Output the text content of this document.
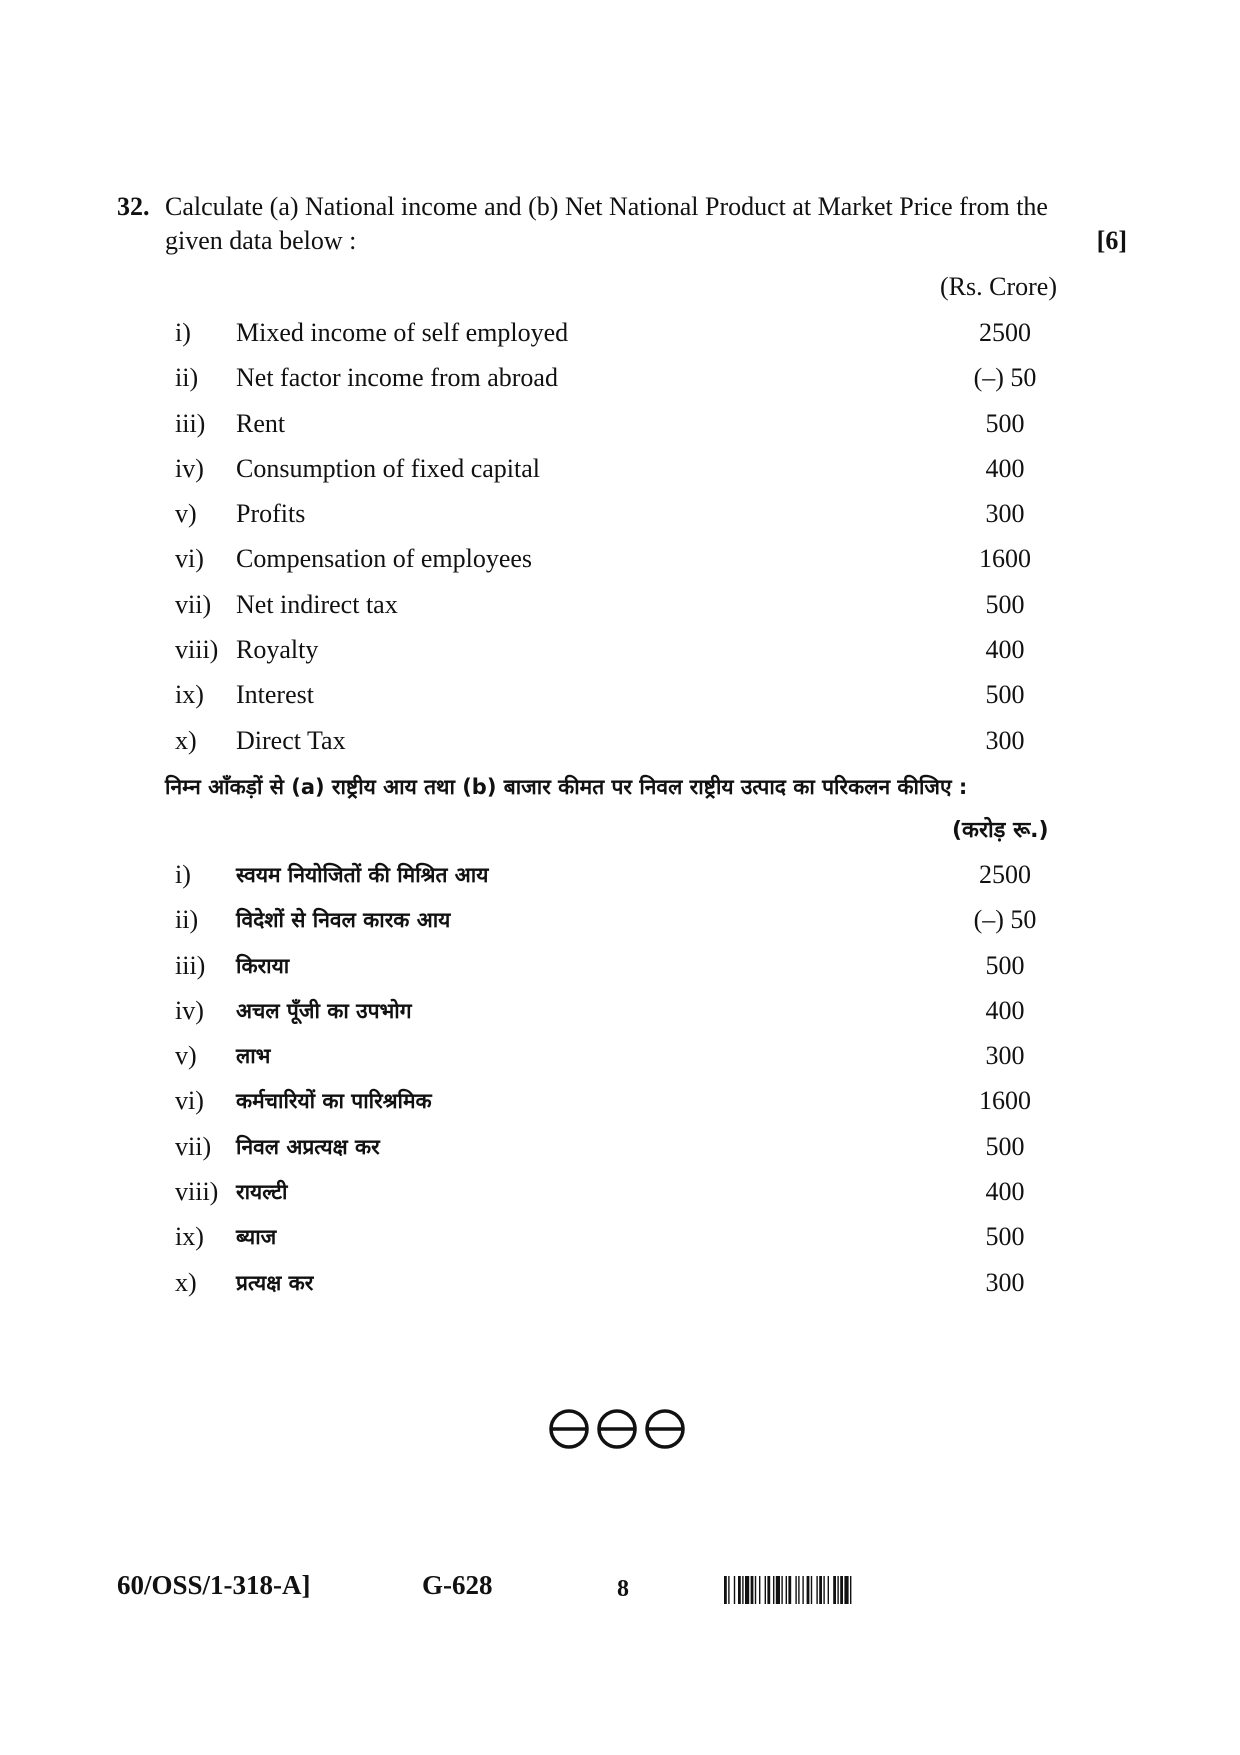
32. Calculate (a) National income and (b) Net National Product at Market Price from the
given data below :	[6]
(Rs. Crore)
i)	Mixed income of self employed	2500
ii)	Net factor income from abroad	(–) 50
iii)	Rent	500
iv)	Consumption of fixed capital	400
v)	Profits	300
vi)	Compensation of employees	1600
vii) Net indirect tax	500
viii) Royalty	400
ix)	Interest	500
x)	Direct Tax	300
निम्न आँकड़ों से (a) राष्ट्रीय आय तथा (b) बाजार कीमत पर निवल राष्ट्रीय उत्पाद का परिकलन कीजिए :
(करोड़ रू.)
i)	स्वयम नियोजितों की मिश्रित आय	2500
ii)	विदेशों से निवल कारक आय	(–) 50
iii)	किराया	500
iv)	अचल पूँजी का उपभोग	400
v)	लाभ	300
vi)	कर्मचारियों का पारिश्रमिक	1600
vii)	निवल अप्रत्यक्ष कर	500
viii) रायल्टी	400
ix)	ब्याज	500
x)	प्रत्यक्ष कर	300
60/OSS/1-318-A]	G-628	8
